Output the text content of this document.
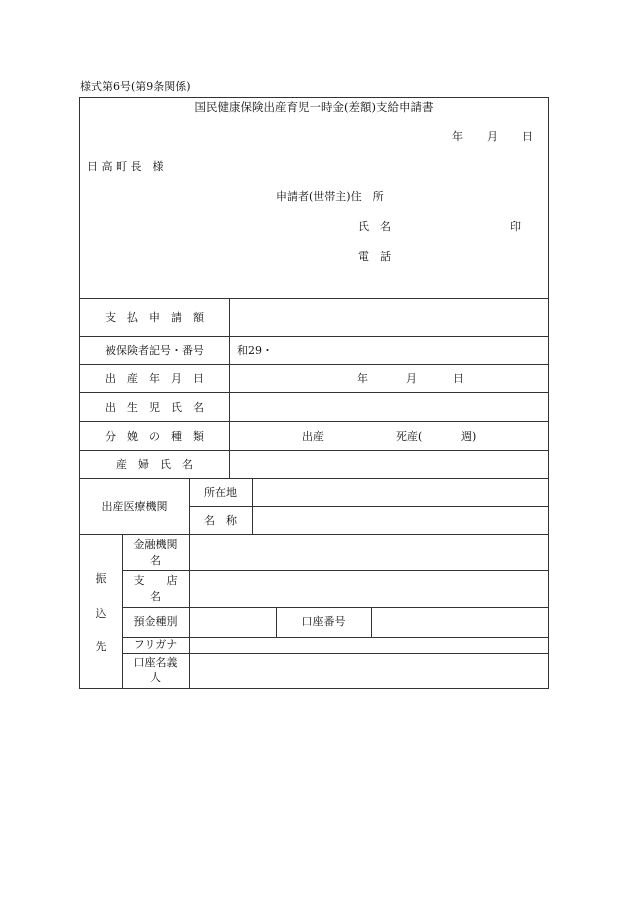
様式第6号(第9条関係)
国民健康保険出産育児一時金(差額)支給申請書
年 月 日
日 高 町 長　様
申請者(世帯主)住　所
氏　名	印
電　話
支　払　申　請　額
被保険者記号・番号	和29・
出　産　年　月　日	年	月	日
出　生　児　氏　名
分　娩　の　種　類	出産	死産(	週)
産　婦　氏　名
出産医療機関
所在地
名　称
振
込
先
金融機関
名
支　　店
名
預金種別	口座番号
フリガナ
口座名義
人
